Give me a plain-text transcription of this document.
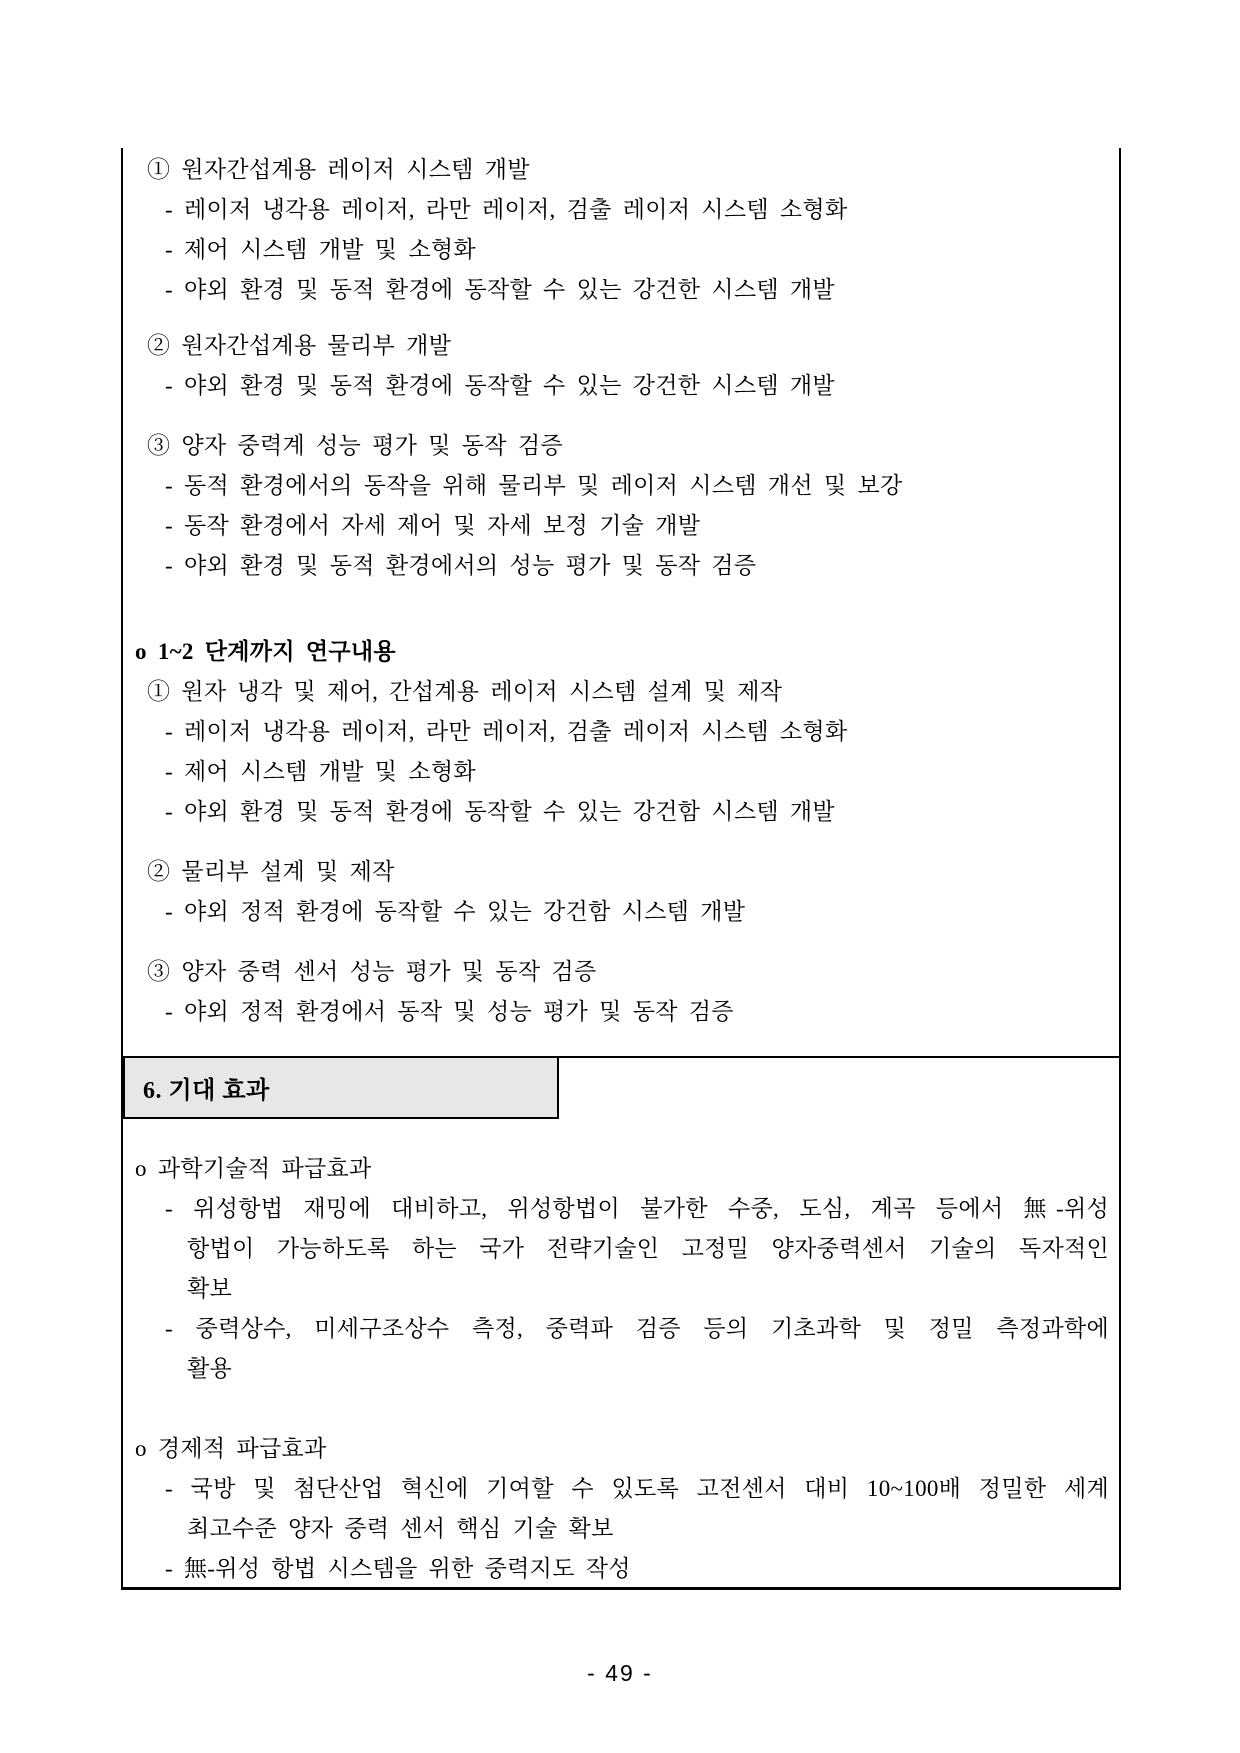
① 원자간섭계용 레이저 시스템 개발
- 레이저 냉각용 레이저, 라만 레이저, 검출 레이저 시스템 소형화
- 제어 시스템 개발 및 소형화
- 야외 환경 및 동적 환경에 동작할 수 있는 강건한 시스템 개발
② 원자간섭계용 물리부 개발
- 야외 환경 및 동적 환경에 동작할 수 있는 강건한 시스템 개발
③ 양자 중력계 성능 평가 및 동작 검증
- 동적 환경에서의 동작을 위해 물리부 및 레이저 시스템 개선 및 보강
- 동작 환경에서 자세 제어 및 자세 보정 기술 개발
- 야외 환경 및 동적 환경에서의 성능 평가 및 동작 검증
o 1~2 단계까지 연구내용
① 원자 냉각 및 제어, 간섭계용 레이저 시스템 설계 및 제작
- 레이저 냉각용 레이저, 라만 레이저, 검출 레이저 시스템 소형화
- 제어 시스템 개발 및 소형화
- 야외 환경 및 동적 환경에 동작할 수 있는 강건함 시스템 개발
② 물리부 설계 및 제작
- 야외 정적 환경에 동작할 수 있는 강건함 시스템 개발
③ 양자 중력 센서 성능 평가 및 동작 검증
- 야외 정적 환경에서 동작 및 성능 평가 및 동작 검증
6. 기대 효과
o 과학기술적 파급효과
- 위성항법 재밍에 대비하고, 위성항법이 불가한 수중, 도심, 계곡 등에서 無-위성
항법이 가능하도록 하는 국가 전략기술인 고정밀 양자중력센서 기술의 독자적인
확보
- 중력상수, 미세구조상수 측정, 중력파 검증 등의 기초과학 및 정밀 측정과학에
활용
o 경제적 파급효과
- 국방 및 첨단산업 혁신에 기여할 수 있도록 고전센서 대비 10~100배 정밀한 세계
최고수준 양자 중력 센서 핵심 기술 확보
- 無-위성 항법 시스템을 위한 중력지도 작성
- 49 -
